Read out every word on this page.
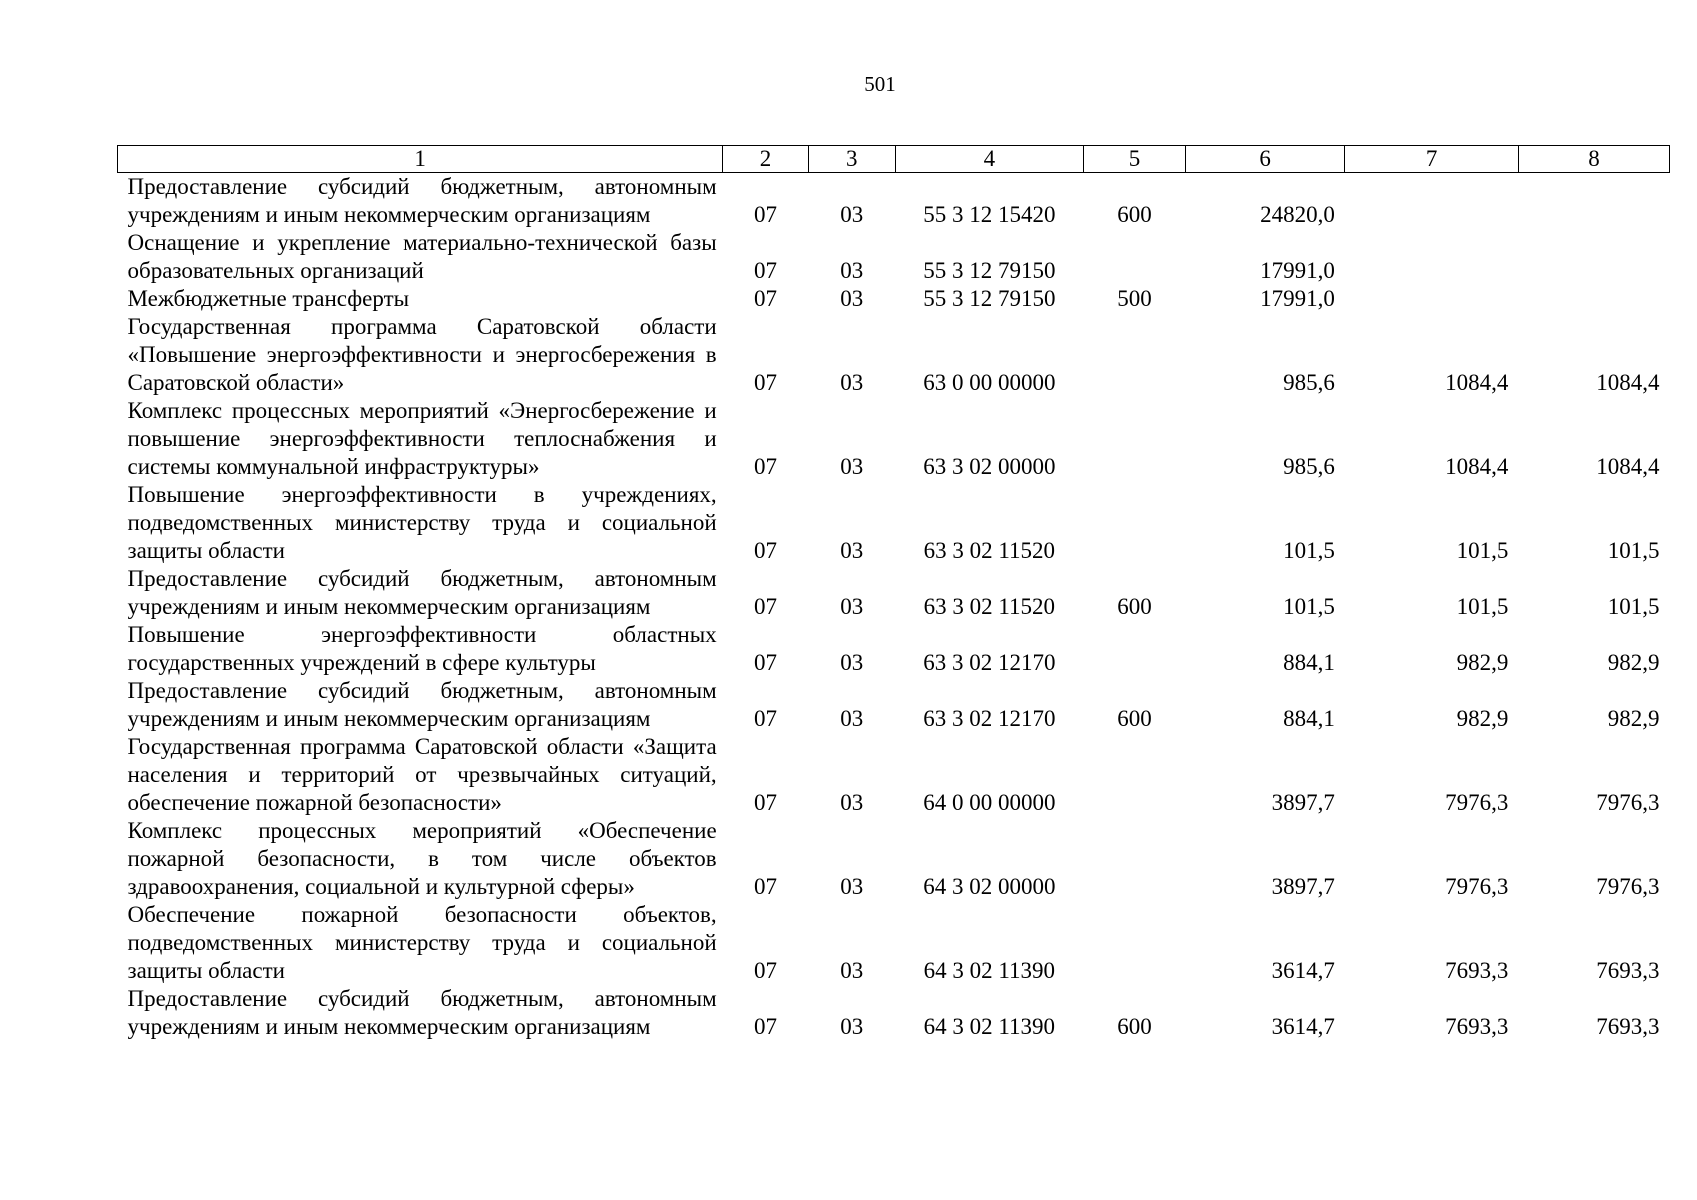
501
1	2	3	4	5	6	7	8
Предоставление субсидий бюджетным, автономным учреждениям и иным некоммерческим организациям	07	03	55 3 12 15420	600	24820,0		
Оснащение и укрепление материально-технической базы образовательных организаций	07	03	55 3 12 79150		17991,0		
Межбюджетные трансферты	07	03	55 3 12 79150	500	17991,0		
Государственная программа Саратовской области «Повышение энергоэффективности и энергосбережения в Саратовской области»	07	03	63 0 00 00000		985,6	1084,4	1084,4
Комплекс процессных мероприятий «Энергосбережение и повышение энергоэффективности теплоснабжения и системы коммунальной инфраструктуры»	07	03	63 3 02 00000		985,6	1084,4	1084,4
Повышение энергоэффективности в учреждениях, подведомственных министерству труда и социальной защиты области	07	03	63 3 02 11520		101,5	101,5	101,5
Предоставление субсидий бюджетным, автономным учреждениям и иным некоммерческим организациям	07	03	63 3 02 11520	600	101,5	101,5	101,5
Повышение энергоэффективности областных государственных учреждений в сфере культуры	07	03	63 3 02 12170		884,1	982,9	982,9
Предоставление субсидий бюджетным, автономным учреждениям и иным некоммерческим организациям	07	03	63 3 02 12170	600	884,1	982,9	982,9
Государственная программа Саратовской области «Защита населения и территорий от чрезвычайных ситуаций, обеспечение пожарной безопасности»	07	03	64 0 00 00000		3897,7	7976,3	7976,3
Комплекс процессных мероприятий «Обеспечение пожарной безопасности, в том числе объектов здравоохранения, социальной и культурной сферы»	07	03	64 3 02 00000		3897,7	7976,3	7976,3
Обеспечение пожарной безопасности объектов, подведомственных министерству труда и социальной защиты области	07	03	64 3 02 11390		3614,7	7693,3	7693,3
Предоставление субсидий бюджетным, автономным учреждениям и иным некоммерческим организациям	07	03	64 3 02 11390	600	3614,7	7693,3	7693,3
